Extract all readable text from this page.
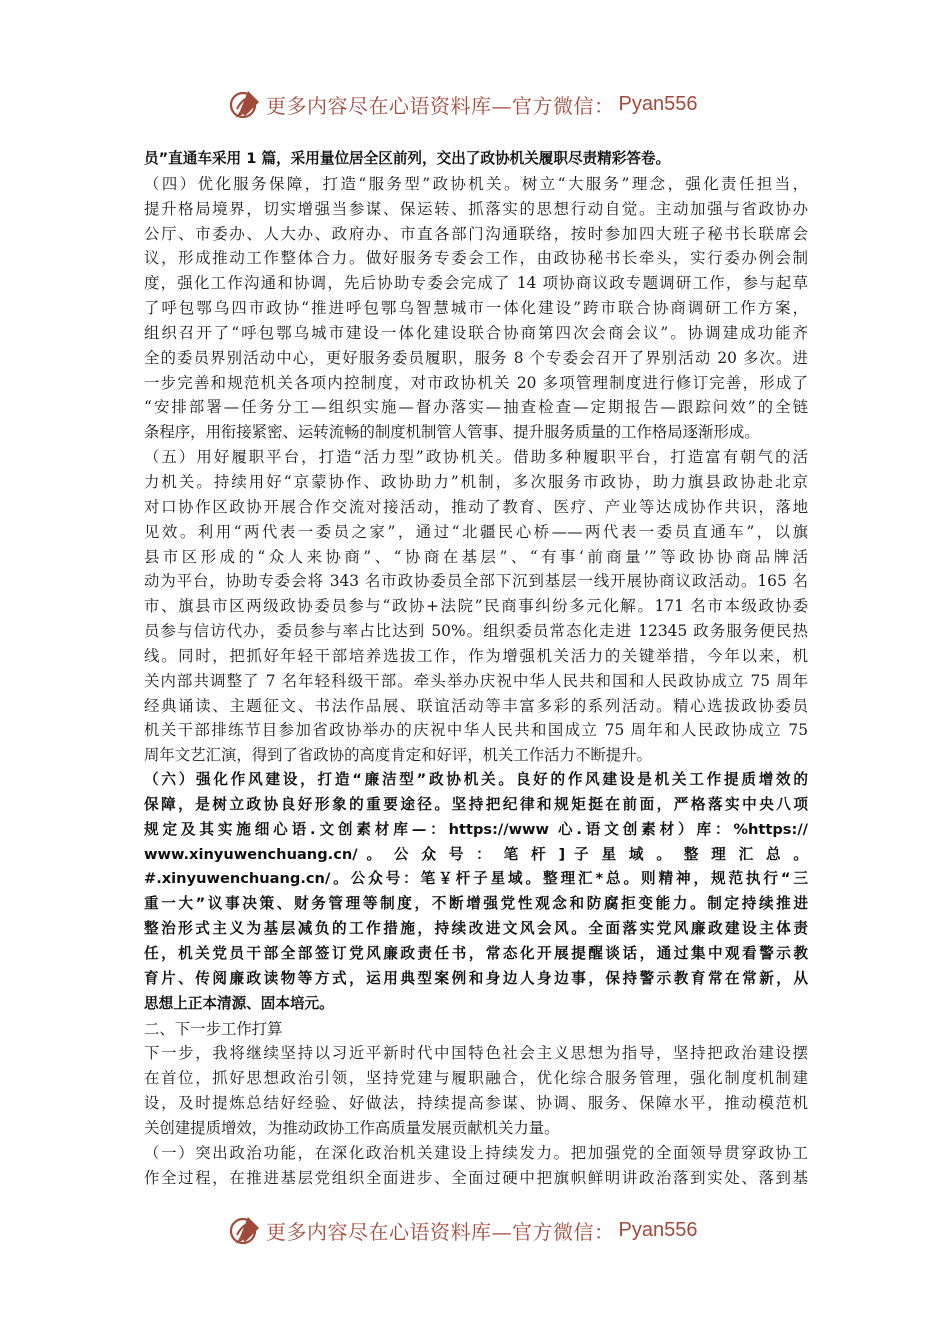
更多内容尽在心语资料库—官方微信： Pyan556
员”直通车采用 1 篇，采用量位居全区前列，交出了政协机关履职尽责精彩答卷。
（四）优化服务保障，打造“服务型”政协机关。树立“大服务”理念，强化责任担当，
提升格局境界，切实增强当参谋、保运转、抓落实的思想行动自觉。主动加强与省政协办
公厅、市委办、人大办、政府办、市直各部门沟通联络，按时参加四大班子秘书长联席会
议，形成推动工作整体合力。做好服务专委会工作，由政协秘书长牵头，实行委办例会制
度，强化工作沟通和协调，先后协助专委会完成了 14 项协商议政专题调研工作，参与起草
了呼包鄂乌四市政协“推进呼包鄂乌智慧城市一体化建设”跨市联合协商调研工作方案，
组织召开了“呼包鄂乌城市建设一体化建设联合协商第四次会商会议”。协调建成功能齐
全的委员界别活动中心，更好服务委员履职，服务 8 个专委会召开了界别活动 20 多次。进
一步完善和规范机关各项内控制度，对市政协机关 20 多项管理制度进行修订完善，形成了
“安排部署—任务分工—组织实施—督办落实—抽查检查—定期报告—跟踪问效”的全链
条程序，用衔接紧密、运转流畅的制度机制管人管事、提升服务质量的工作格局逐渐形成。
（五）用好履职平台，打造“活力型”政协机关。借助多种履职平台，打造富有朝气的活
力机关。持续用好“京蒙协作、政协助力”机制，多次服务市政协，助力旗县政协赴北京
对口协作区政协开展合作交流对接活动，推动了教育、医疗、产业等达成协作共识，落地
见效。利用“两代表一委员之家”，通过“北疆民心桥——两代表一委员直通车”，以旗
县市区形成的“众人来协商”、“协商在基层”、“有事‘前商量’”等政协协商品牌活
动为平台，协助专委会将 343 名市政协委员全部下沉到基层一线开展协商议政活动。165 名
市、旗县市区两级政协委员参与“政协+法院”民商事纠纷多元化解。171 名市本级政协委
员参与信访代办，委员参与率占比达到 50%。组织委员常态化走进 12345 政务服务便民热
线。同时，把抓好年轻干部培养选拔工作，作为增强机关活力的关键举措，今年以来，机
关内部共调整了 7 名年轻科级干部。牵头举办庆祝中华人民共和国和人民政协成立 75 周年
经典诵读、主题征文、书法作品展、联谊活动等丰富多彩的系列活动。精心选拔政协委员
机关干部排练节目参加省政协举办的庆祝中华人民共和国成立 75 周年和人民政协成立 75
周年文艺汇演，得到了省政协的高度肯定和好评，机关工作活力不断提升。
（六）强化作风建设，打造“廉洁型”政协机关。良好的作风建设是机关工作提质增效的
保障，是树立政协良好形象的重要途径。坚持把纪律和规矩挺在前面，严格落实中央八项
规定及其实施细心语.文创素材库—：https://www 心.语文创素材）库：%https://
www.xinyuwenchuang.cn/ 。 公 众 号 ： 笔 杆 ] 子 星 域 。 整 理 汇 总 。
#.xinyuwenchuang.cn/。公众号：笔￥杆子星域。整理汇*总。则精神，规范执行“三
重一大”议事决策、财务管理等制度，不断增强党性观念和防腐拒变能力。制定持续推进
整治形式主义为基层减负的工作措施，持续改进文风会风。全面落实党风廉政建设主体责
任，机关党员干部全部签订党风廉政责任书，常态化开展提醒谈话，通过集中观看警示教
育片、传阅廉政读物等方式，运用典型案例和身边人身边事，保持警示教育常在常新，从
思想上正本清源、固本培元。
二、下一步工作打算
下一步，我将继续坚持以习近平新时代中国特色社会主义思想为指导，坚持把政治建设摆
在首位，抓好思想政治引领，坚持党建与履职融合，优化综合服务管理，强化制度机制建
设，及时提炼总结好经验、好做法，持续提高参谋、协调、服务、保障水平，推动模范机
关创建提质增效，为推动政协工作高质量发展贡献机关力量。
（一）突出政治功能，在深化政治机关建设上持续发力。把加强党的全面领导贯穿政协工
作全过程，在推进基层党组织全面进步、全面过硬中把旗帜鲜明讲政治落到实处、落到基
更多内容尽在心语资料库—官方微信： Pyan556
